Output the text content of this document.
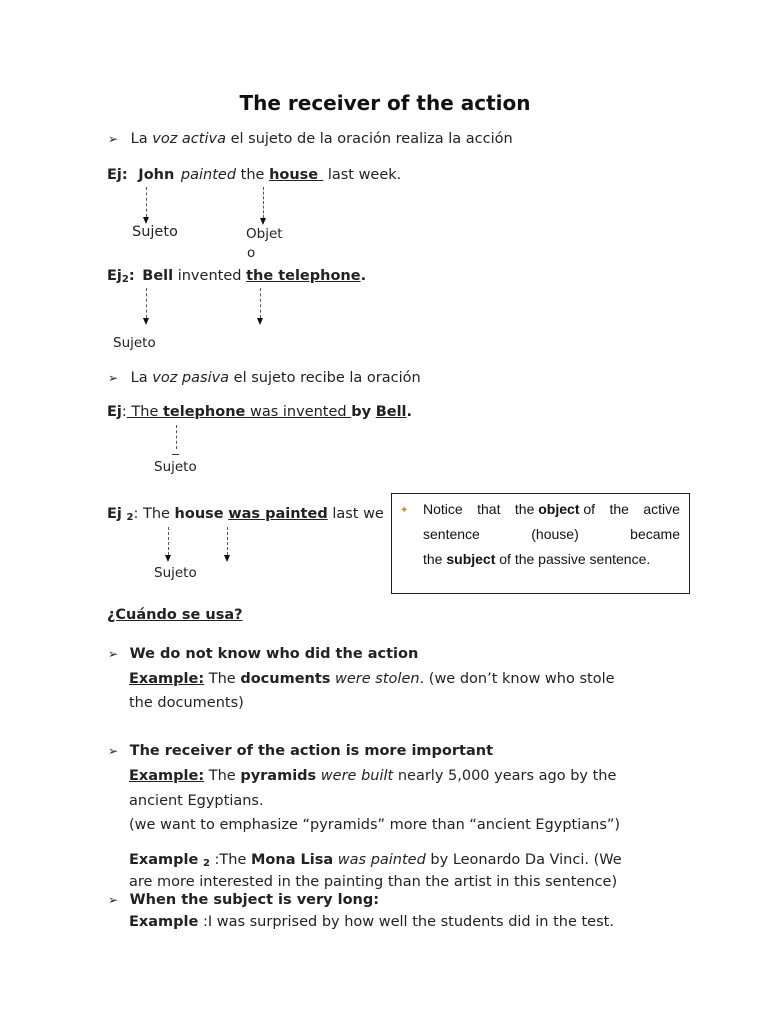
The receiver of the action
➢ La voz activa el sujeto de la oración realiza la acción
Ej: John painted the house last week.
Sujeto	Objet
o
$Ej_2$: Bell invented the telephone.
Sujeto
➢ La voz pasiva el sujeto recibe la oración
Ej: The telephone was invented by Bell.
_
Sujeto
Ej $_2$: The house was painted last we
Sujeto
✦ Notice that the object of the active
sentence	(house)	became
the subject of the passive sentence.
¿Cuándo se usa?
➢ We do not know who did the action
Example: The documents were stolen. (we don’t know who stole
the documents)
➢ The receiver of the action is more important
Example: The pyramids were built nearly 5,000 years ago by the
ancient Egyptians.
(we want to emphasize “pyramids” more than “ancient Egyptians”)
Example $_2$ :The Mona Lisa was painted by Leonardo Da Vinci. (We
are more interested in the painting than the artist in this sentence)
➢ When the subject is very long:
Example :I was surprised by how well the students did in the test.
